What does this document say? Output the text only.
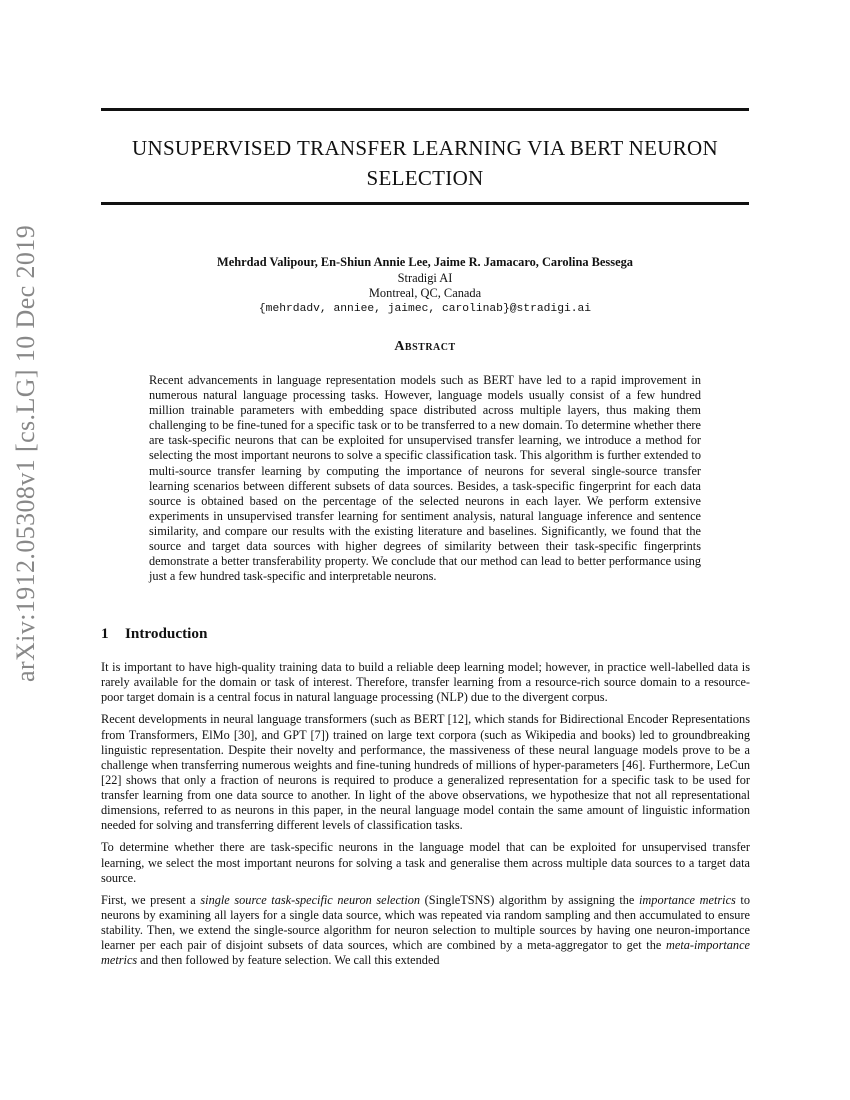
arXiv:1912.05308v1 [cs.LG] 10 Dec 2019
UNSUPERVISED TRANSFER LEARNING VIA BERT NEURON
SELECTION
Mehrdad Valipour, En-Shiun Annie Lee, Jaime R. Jamacaro, Carolina Bessega
Stradigi AI
Montreal, QC, Canada
{mehrdadv, anniee, jaimec, carolinab}@stradigi.ai
Abstract
Recent advancements in language representation models such as BERT have led to a rapid improvement in numerous natural language processing tasks. However, language models usually consist of a few hundred million trainable parameters with embedding space distributed across multiple layers, thus making them challenging to be fine-tuned for a specific task or to be transferred to a new domain. To determine whether there are task-specific neurons that can be exploited for unsupervised transfer learning, we introduce a method for selecting the most important neurons to solve a specific classification task. This algorithm is further extended to multi-source transfer learning by computing the importance of neurons for several single-source transfer learning scenarios between different subsets of data sources. Besides, a task-specific fingerprint for each data source is obtained based on the percentage of the selected neurons in each layer. We perform extensive experiments in unsupervised transfer learning for sentiment analysis, natural language inference and sentence similarity, and compare our results with the existing literature and baselines. Significantly, we found that the source and target data sources with higher degrees of similarity between their task-specific fingerprints demonstrate a better transferability property. We conclude that our method can lead to better performance using just a few hundred task-specific and interpretable neurons.
1 Introduction

It is important to have high-quality training data to build a reliable deep learning model; however, in practice well-labelled data is rarely available for the domain or task of interest. Therefore, transfer learning from a resource-rich source domain to a resource-poor target domain is a central focus in natural language processing (NLP) due to the divergent corpus.

Recent developments in neural language transformers (such as BERT [12], which stands for Bidirectional Encoder Representations from Transformers, ElMo [30], and GPT [7]) trained on large text corpora (such as Wikipedia and books) led to groundbreaking linguistic representation. Despite their novelty and performance, the massiveness of these neural language models prove to be a challenge when transferring numerous weights and fine-tuning hundreds of millions of hyper-parameters [46]. Furthermore, LeCun [22] shows that only a fraction of neurons is required to produce a generalized representation for a specific task to be used for transfer learning from one data source to another. In light of the above observations, we hypothesize that not all representational dimensions, referred to as neurons in this paper, in the neural language model contain the same amount of linguistic information needed for solving and transferring different levels of classification tasks.

To determine whether there are task-specific neurons in the language model that can be exploited for unsupervised transfer learning, we select the most important neurons for solving a task and generalise them across multiple data sources to a target data source.

First, we present a single source task-specific neuron selection (SingleTSNS) algorithm by assigning the importance metrics to neurons by examining all layers for a single data source, which was repeated via random sampling and then accumulated to ensure stability. Then, we extend the single-source algorithm for neuron selection to multiple sources by having one neuron-importance learner per each pair of disjoint subsets of data sources, which are combined by a meta-aggregator to get the meta-importance metrics and then followed by feature selection. We call this extended
